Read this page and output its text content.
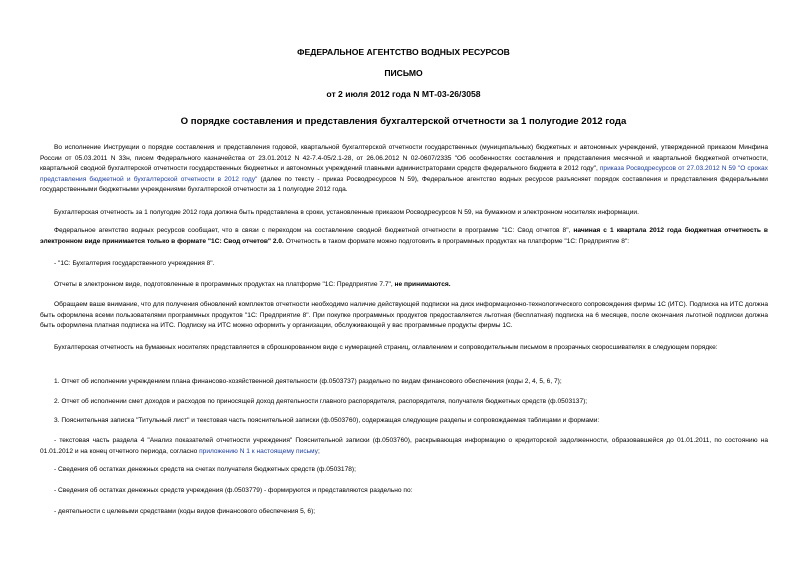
ФЕДЕРАЛЬНОЕ АГЕНТСТВО ВОДНЫХ РЕСУРСОВ
ПИСЬМО
от 2 июля 2012 года N МТ-03-26/3058
О порядке составления и представления бухгалтерской отчетности за 1 полугодие 2012 года

Во исполнение Инструкции о порядке составления и представления годовой, квартальной бухгалтерской отчетности государственных (муниципальных) бюджетных и автономных учреждений, утвержденной приказом Минфина России от 05.03.2011 N 33н, писем Федерального казначейства от 23.01.2012 N 42-7.4-05/2.1-28, от 26.06.2012 N 02-0607/2335 "Об особенностях составления и представления месячной и квартальной бюджетной отчетности, квартальной сводной бухгалтерской отчетности государственных бюджетных и автономных учреждений главными администраторами средств федерального бюджета в 2012 году", приказа Росводресурсов от 27.03.2012 N 59 "О сроках представления бюджетной и бухгалтерской отчетности в 2012 году" (далее по тексту - приказ Росводресурсов N 59), Федеральное агентство водных ресурсов разъясняет порядок составления и представления федеральными государственными бюджетными учреждениями бухгалтерской отчетности за 1 полугодие 2012 года.

Бухгалтерская отчетность за 1 полугодие 2012 года должна быть представлена в сроки, установленные приказом Росводресурсов N 59, на бумажном и электронном носителях информации.

Федеральное агентство водных ресурсов сообщает, что в связи с переходом на составление сводной бюджетной отчетности в программе "1С: Свод отчетов 8", начиная с 1 квартала 2012 года бюджетная отчетность в электронном виде принимается только в формате "1С: Свод отчетов" 2.0. Отчетность в таком формате можно подготовить в программных продуктах на платформе "1С: Предприятие 8":

- "1С: Бухгалтерия государственного учреждения 8".

Отчеты в электронном виде, подготовленные в программных продуктах на платформе "1С: Предприятие 7.7", не принимаются.

Обращаем ваше внимание, что для получения обновлений комплектов отчетности необходимо наличие действующей подписки на диск информационно-технологического сопровождения фирмы 1С (ИТС). Подписка на ИТС должна быть оформлена всеми пользователями программных продуктов "1С: Предприятие 8". При покупке программных продуктов предоставляется льготная (бесплатная) подписка на 6 месяцев, после окончания льготной подписки должна быть оформлена платная подписка на ИТС. Подписку на ИТС можно оформить у организации, обслуживающей у вас программные продукты фирмы 1С.

Бухгалтерская отчетность на бумажных носителях представляется в сброшюрованном виде с нумерацией страниц, оглавлением и сопроводительным письмом в прозрачных скоросшивателях в следующем порядке:

1. Отчет об исполнении учреждением плана финансово-хозяйственной деятельности (ф.0503737) раздельно по видам финансового обеспечения (коды 2, 4, 5, 6, 7);

2. Отчет об исполнении смет доходов и расходов по приносящей доход деятельности главного распорядителя, распорядителя, получателя бюджетных средств (ф.0503137);

3. Пояснительная записка "Титульный лист" и текстовая часть пояснительной записки (ф.0503760), содержащая следующие разделы и сопровождаемая таблицами и формами:

- текстовая часть раздела 4 "Анализ показателей отчетности учреждения" Пояснительной записки (ф.0503760), раскрывающая информацию о кредиторской задолженности, образовавшейся до 01.01.2011, по состоянию на 01.01.2012 и на конец отчетного периода, согласно приложению N 1 к настоящему письму;

- Сведения об остатках денежных средств на счетах получателя бюджетных средств (ф.0503178);

- Сведения об остатках денежных средств учреждения (ф.0503779) - формируются и представляются раздельно по:

- деятельности с целевыми средствами (коды видов финансового обеспечения 5, 6);
